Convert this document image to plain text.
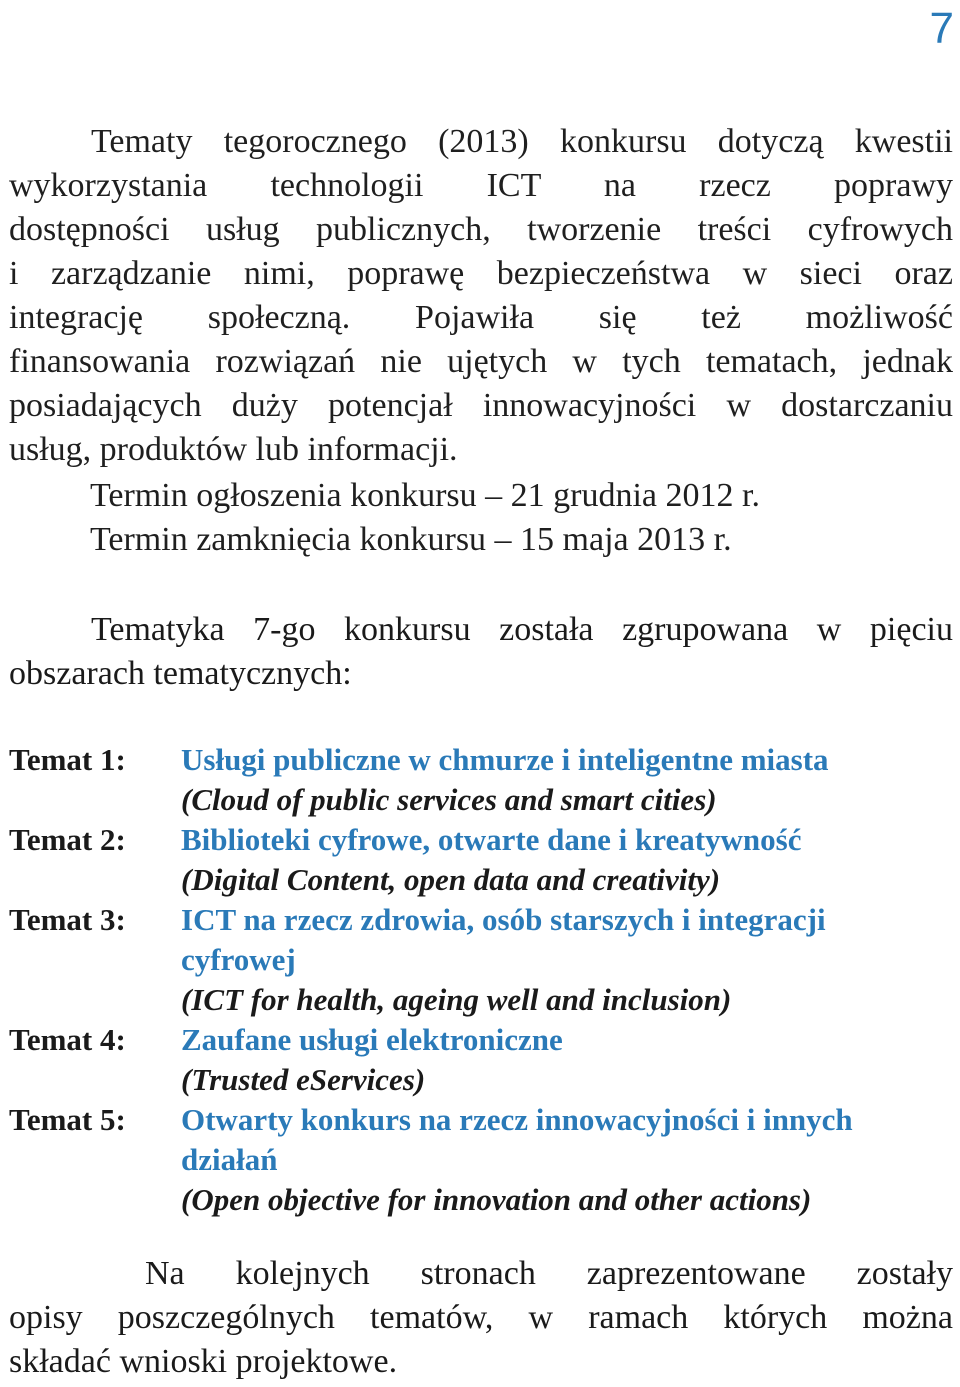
7
Tematy tegorocznego (2013) konkursu dotyczą kwestii
wykorzystania technologii ICT na rzecz poprawy
dostępności usług publicznych, tworzenie treści cyfrowych
i zarządzanie nimi, poprawę bezpieczeństwa w sieci oraz
integrację społeczną. Pojawiła się też możliwość
finansowania rozwiązań nie ujętych w tych tematach, jednak
posiadających duży potencjał innowacyjności w dostarczaniu
usług, produktów lub informacji.
Termin ogłoszenia konkursu – 21 grudnia 2012 r.
Termin zamknięcia konkursu – 15 maja 2013 r.
Tematyka 7-go konkursu została zgrupowana w pięciu
obszarach tematycznych:
Temat 1: Usługi publiczne w chmurze i inteligentne miasta
(Cloud of public services and smart cities)
Temat 2: Biblioteki cyfrowe, otwarte dane i kreatywność
(Digital Content, open data and creativity)
Temat 3: ICT na rzecz zdrowia, osób starszych i integracji cyfrowej
(ICT for health, ageing well and inclusion)
Temat 4: Zaufane usługi elektroniczne
(Trusted eServices)
Temat 5: Otwarty konkurs na rzecz innowacyjności i innych działań
(Open objective for innovation and other actions)
Na kolejnych stronach zaprezentowane zostały
opisy poszczególnych tematów, w ramach których można
składać wnioski projektowe.
